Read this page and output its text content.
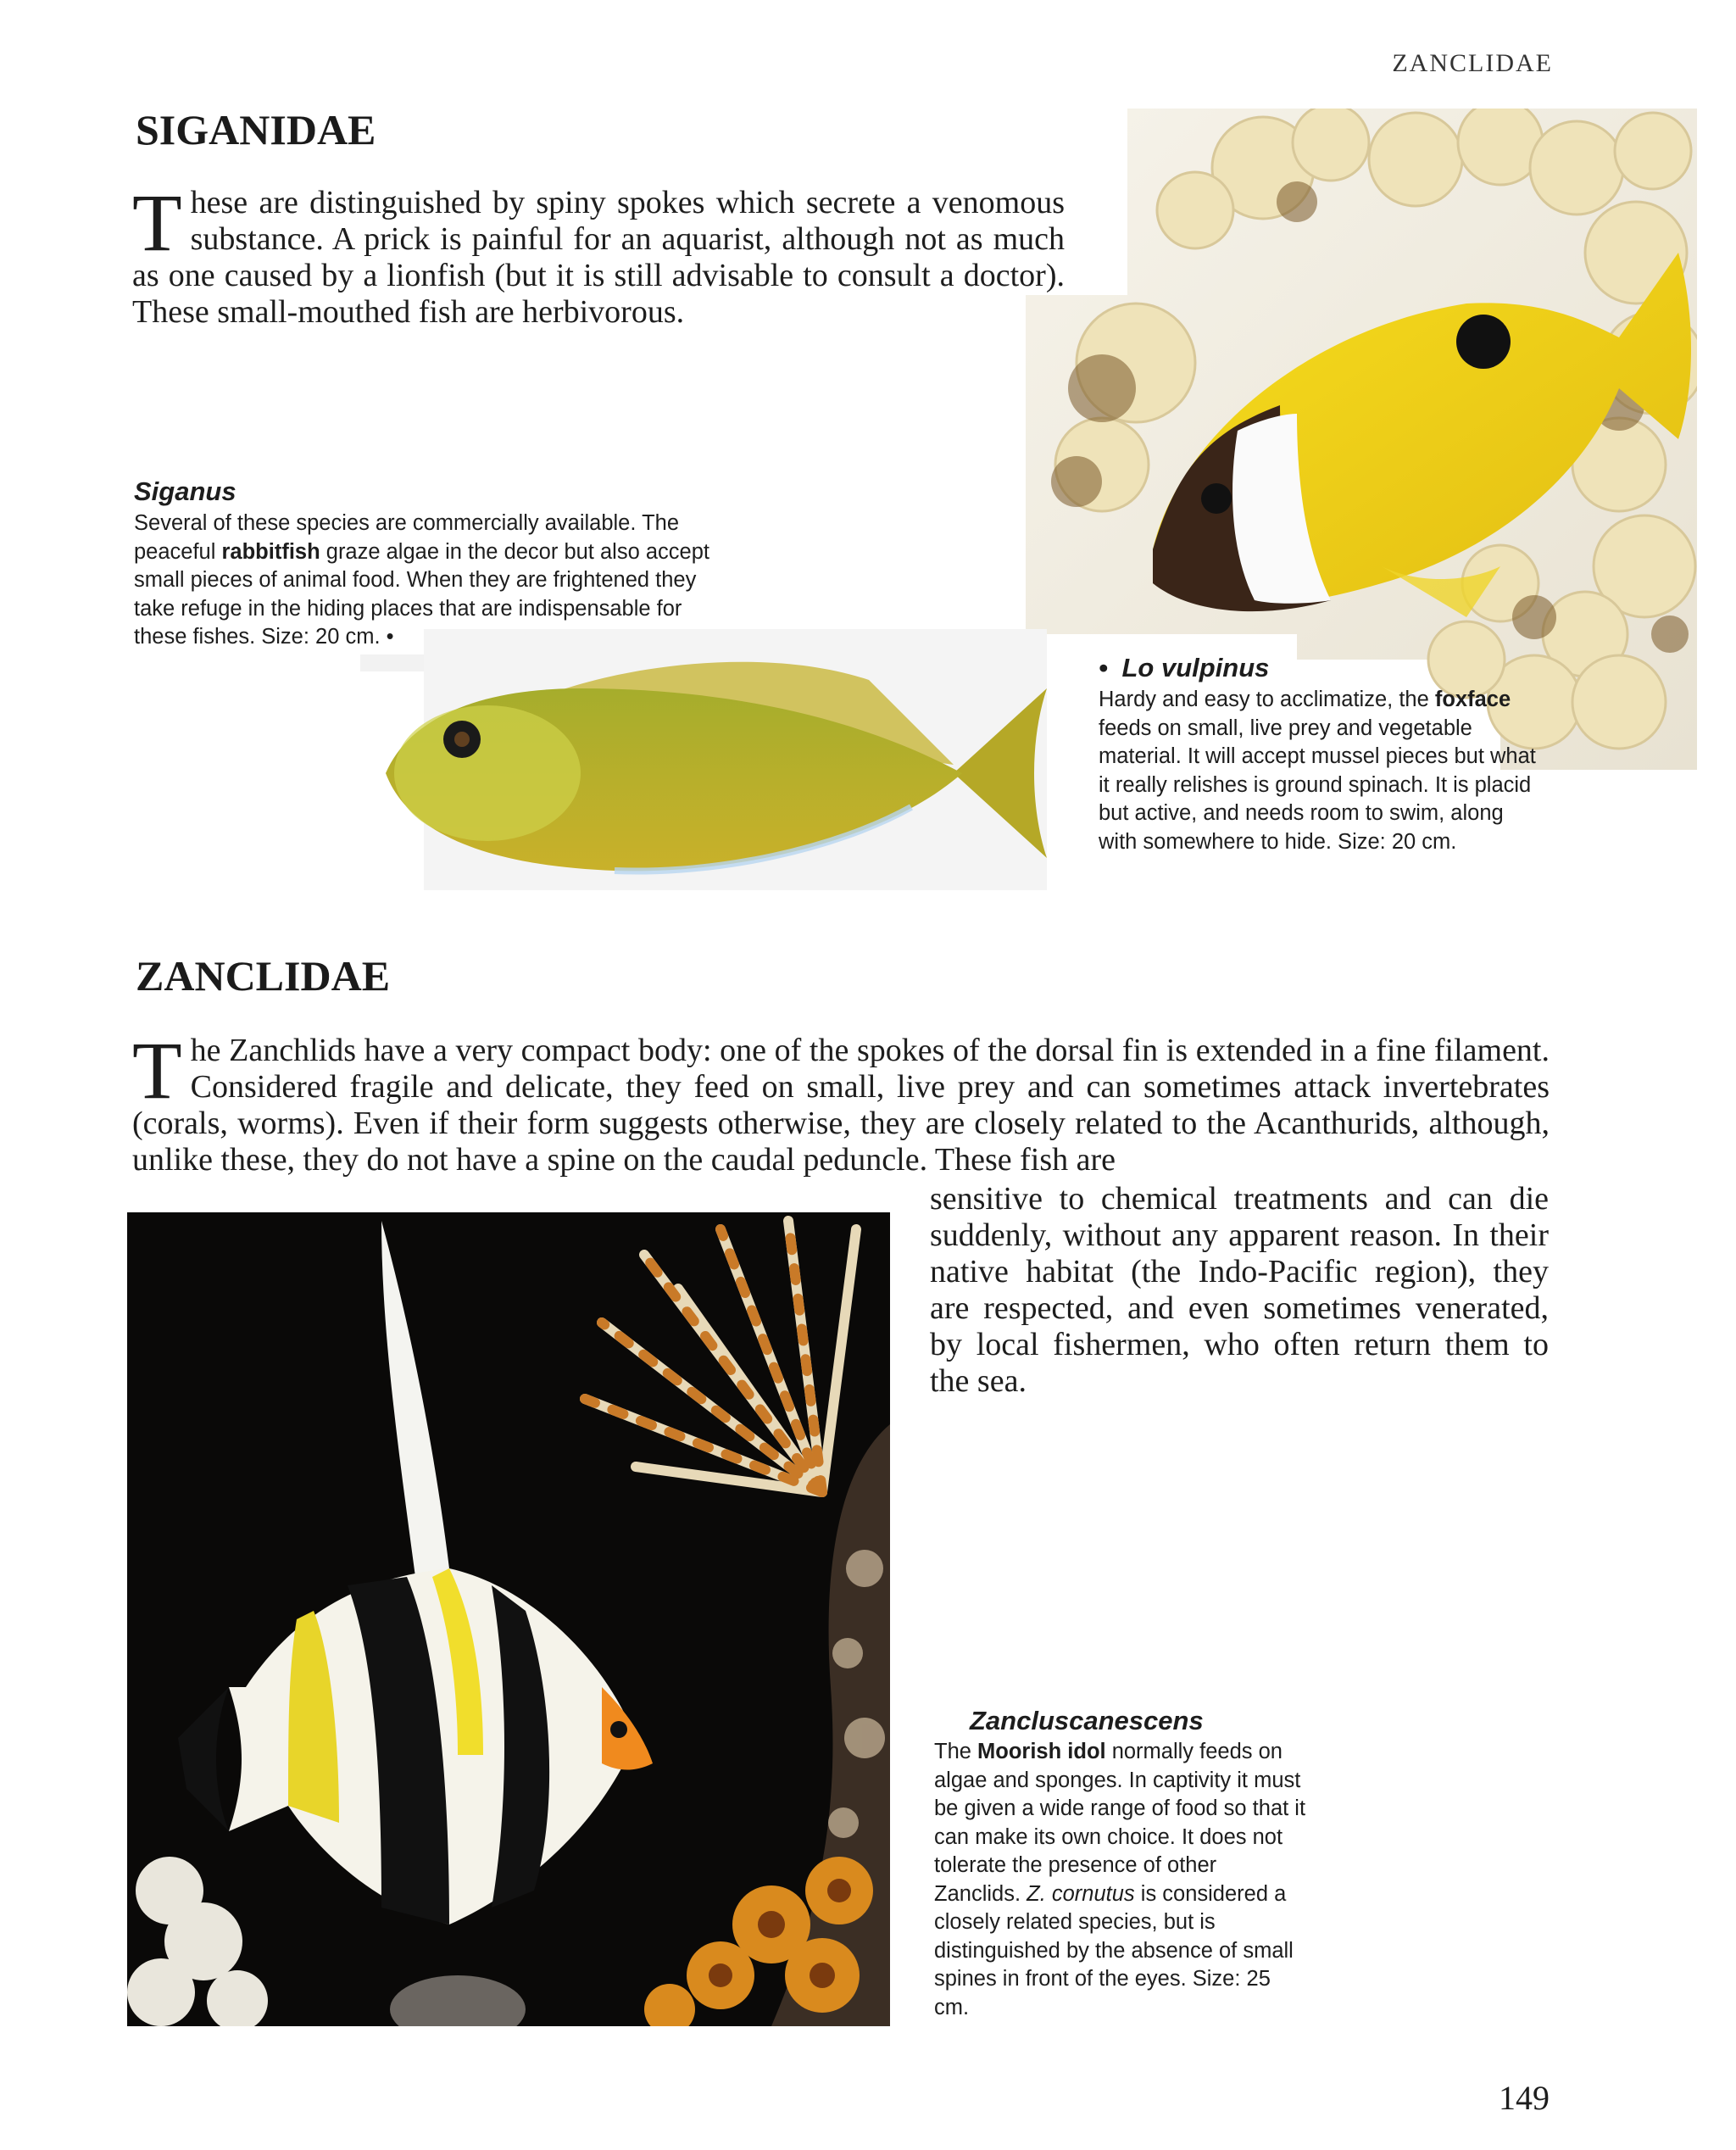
ZANCLIDAE
SIGANIDAE
These are distinguished by spiny spokes which secrete a venomous substance. A prick is painful for an aquarist, although not as much as one caused by a lionfish (but it is still advisable to consult a doctor). These small-mouthed fish are herbivorous.
Siganus
Several of these species are commercially available. The peaceful rabbitfish graze algae in the decor but also accept small pieces of animal food. When they are frightened they take refuge in the hiding places that are indispensable for these fishes. Size: 20 cm. •
• Lo vulpinus
Hardy and easy to acclimatize, the foxface feeds on small, live prey and vegetable material. It will accept mussel pieces but what it really relishes is ground spinach. It is placid but active, and needs room to swim, along with somewhere to hide. Size: 20 cm.
ZANCLIDAE
The Zanchlids have a very compact body: one of the spokes of the dorsal fin is extended in a fine filament. Considered fragile and delicate, they feed on small, live prey and can sometimes attack invertebrates (corals, worms). Even if their form suggests otherwise, they are closely related to the Acanthurids, although, unlike these, they do not have a spine on the caudal peduncle. These fish are
sensitive to chemical treatments and can die suddenly, without any apparent reason. In their native habitat (the Indo-Pacific region), they are respected, and even sometimes venerated, by local fishermen, who often return them to the sea.
Zancluscanescens
The Moorish idol normally feeds on algae and sponges. In captivity it must be given a wide range of food so that it can make its own choice. It does not tolerate the presence of other Zanclids. Z. cornutus is considered a closely related species, but is distinguished by the absence of small spines in front of the eyes. Size: 25 cm.
149
